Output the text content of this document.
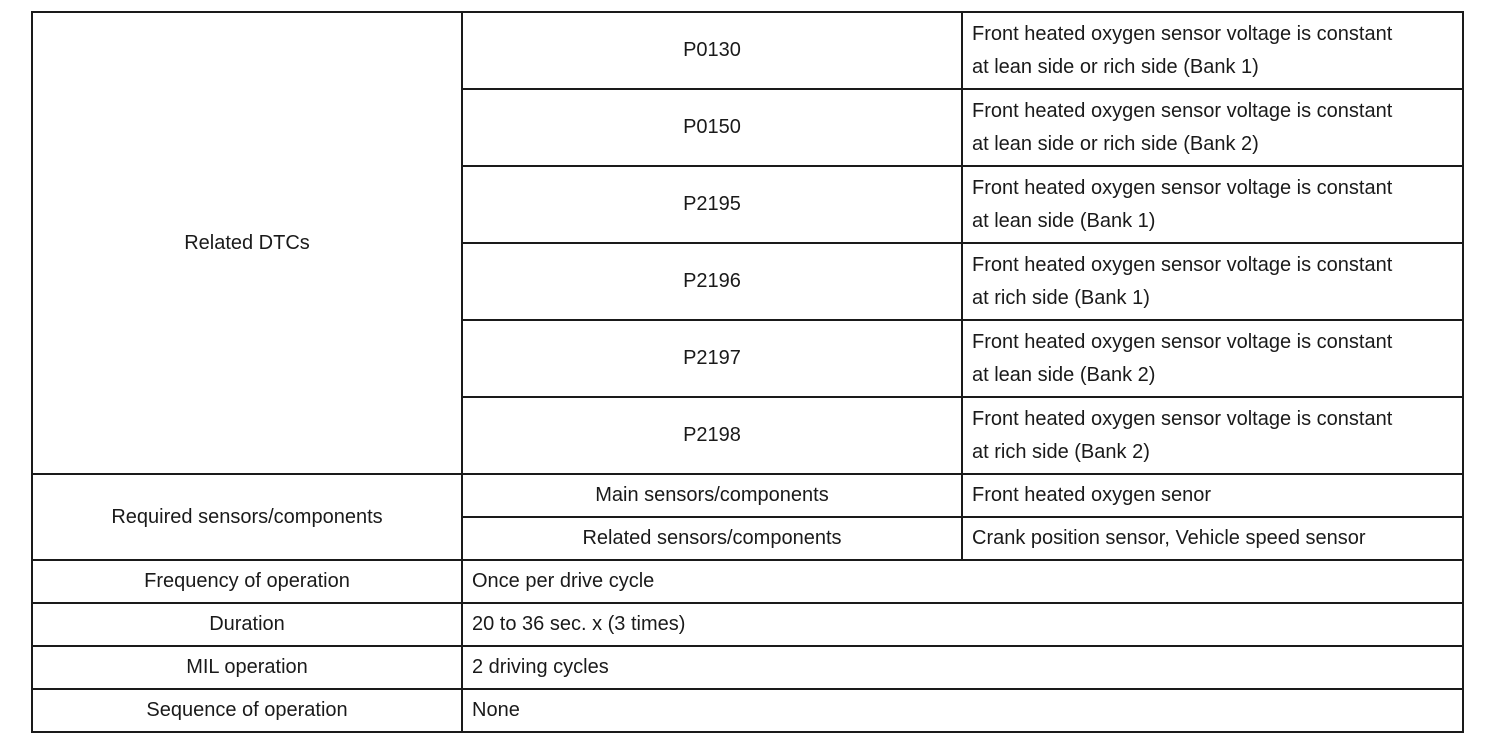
Related DTCs	P0130	Front heated oxygen sensor voltage is constant
at lean side or rich side (Bank 1)
	P0150	Front heated oxygen sensor voltage is constant
at lean side or rich side (Bank 2)
	P2195	Front heated oxygen sensor voltage is constant
at lean side (Bank 1)
	P2196	Front heated oxygen sensor voltage is constant
at rich side (Bank 1)
	P2197	Front heated oxygen sensor voltage is constant
at lean side (Bank 2)
	P2198	Front heated oxygen sensor voltage is constant
at rich side (Bank 2)
Required sensors/components	Main sensors/components	Front heated oxygen senor
	Related sensors/components	Crank position sensor, Vehicle speed sensor
Frequency of operation	Once per drive cycle	
Duration	20 to 36 sec. x (3 times)	
MIL operation	2 driving cycles	
Sequence of operation	None	
